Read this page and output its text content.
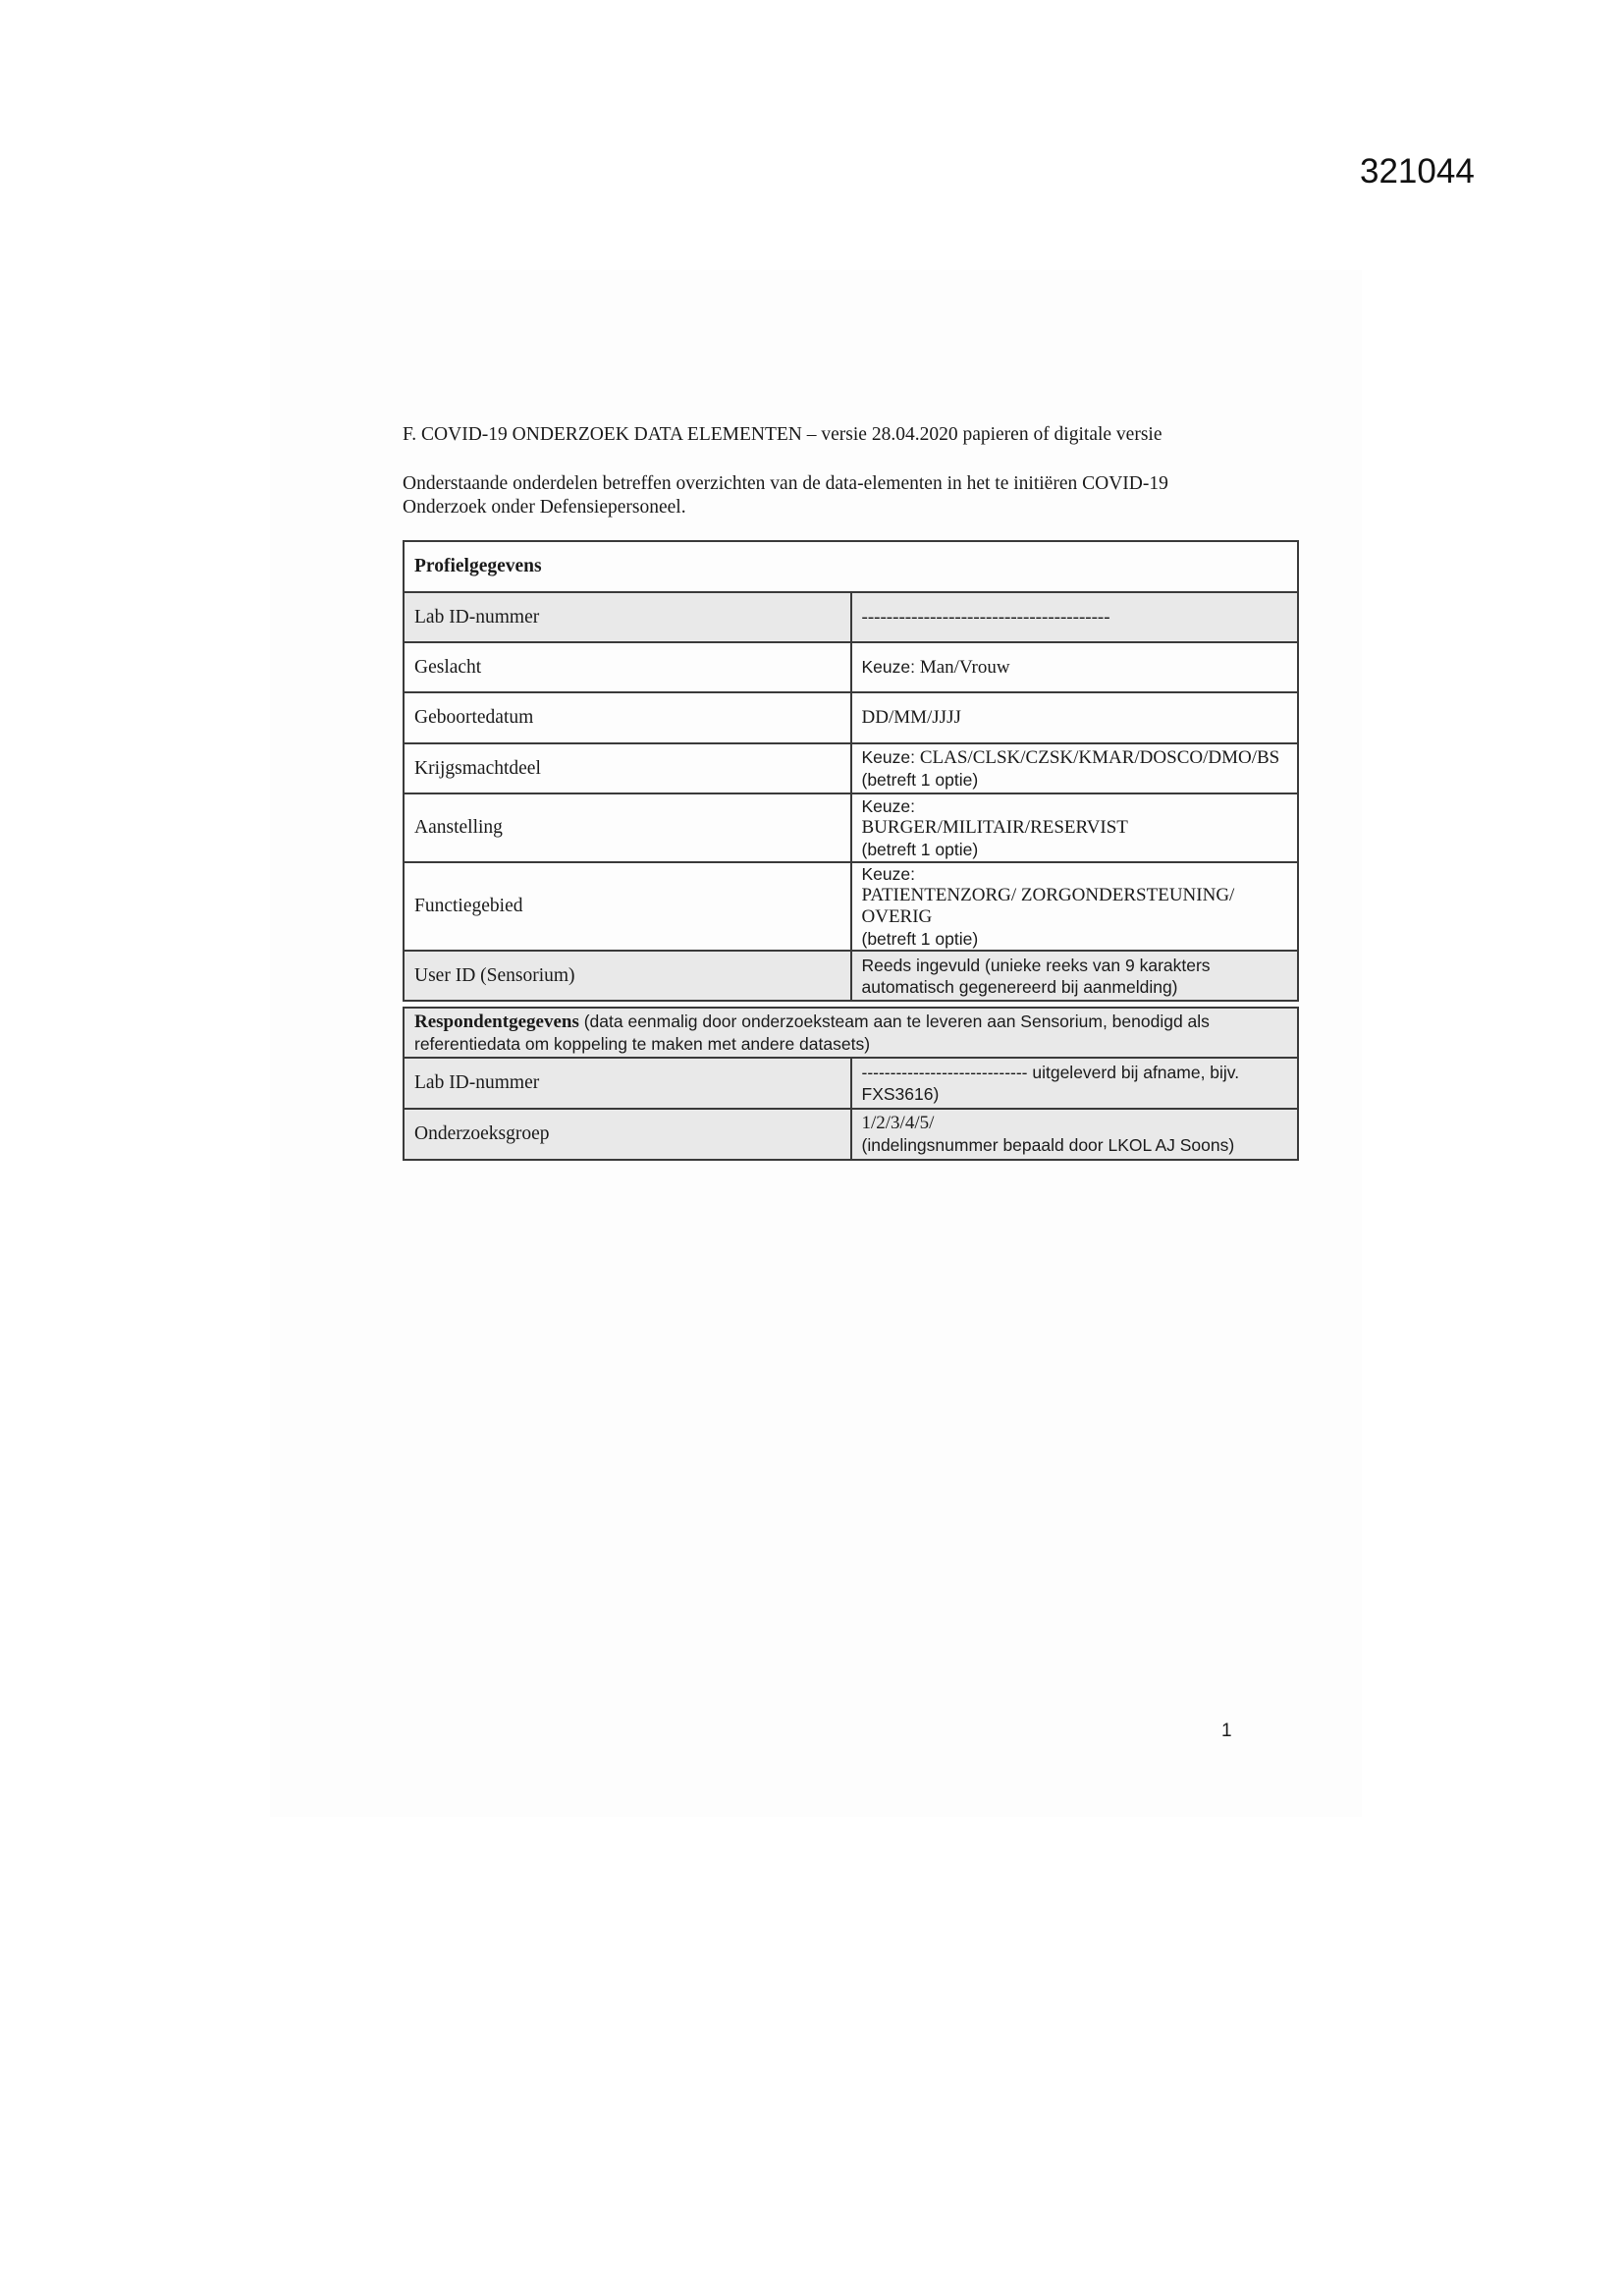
321044
F. COVID-19 ONDERZOEK DATA ELEMENTEN – versie 28.04.2020 papieren of digitale versie
Onderstaande onderdelen betreffen overzichten van de data-elementen in het te initiëren COVID-19 Onderzoek onder Defensiepersoneel.
Profielgegevens	
Lab ID-nummer	----------------------------------------
Geslacht	Keuze: Man/Vrouw
Geboortedatum	DD/MM/JJJJ
Krijgsmachtdeel	Keuze: CLAS/CLSK/CZSK/KMAR/DOSCO/DMO/BS
(betreft 1 optie)

Aanstelling	Keuze:
BURGER/MILITAIR/RESERVIST
(betreft 1 optie)

Functiegebied	Keuze:
PATIENTENZORG/ ZORGONDERSTEUNING/ OVERIG
(betreft 1 optie)

User ID (Sensorium)	Reeds ingevuld (unieke reeks van 9 karakters
automatisch gegenereerd bij aanmelding)
Respondentgegevens (data eenmalig door onderzoeksteam aan te leveren aan Sensorium, benodigd als referentiedata om koppeling te maken met andere datasets)	
Lab ID-nummer	----------------------------- uitgeleverd bij afname, bijv. FXS3616)
Onderzoeksgroep	1/2/3/4/5/
(indelingsnummer bepaald door LKOL AJ Soons)
1
